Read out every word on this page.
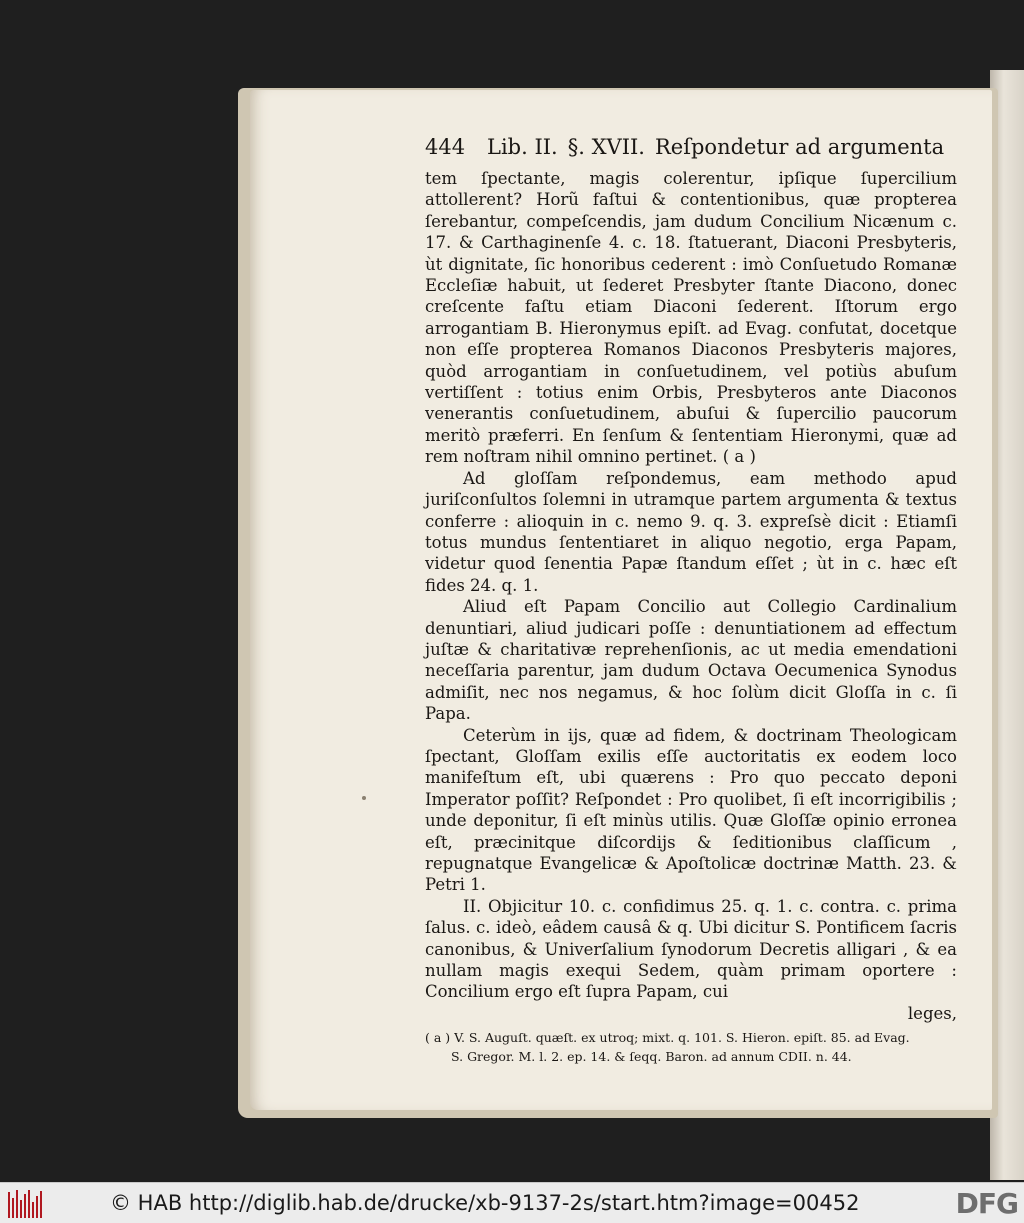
444	Lib. II. §. XVII. Reſpondetur ad argumenta

tem ſpectante, magis colerentur, ipſique ſupercilium attollerent? Horũ faſtui & contentionibus, quæ propterea ſerebantur, compeſcendis, jam dudum Concilium Nicænum c. 17. & Carthaginenſe 4. c. 18. ſtatuerant, Diaconi Presbyteris, ùt dignitate, ſic honoribus cederent : imò Conſuetudo Romanæ Eccleſiæ habuit, ut ſederet Presbyter ſtante Diacono, donec creſcente faſtu etiam Diaconi ſederent. Iſtorum ergo arrogantiam B. Hieronymus epiſt. ad Evag. confutat, docetque non eſſe propterea Romanos Diaconos Presbyteris majores, quòd arrogantiam in conſuetudinem, vel potiùs abuſum vertiſſent : totius enim Orbis, Presbyteros ante Diaconos venerantis conſuetudinem, abuſui & ſupercilio paucorum meritò præferri. En ſenſum & ſententiam Hieronymi, quæ ad rem noſtram nihil omnino pertinet. ( a )

Ad gloſſam reſpondemus, eam methodo apud juriſconſultos ſolemni in utramque partem argumenta & textus conferre : alioquin in c. nemo 9. q. 3. expreſsè dicit : Etiamſi totus mundus ſententiaret in aliquo negotio, erga Papam, videtur quod ſenentia Papæ ſtandum eſſet ; ùt in c. hæc eſt fides 24. q. 1.

Aliud eſt Papam Concilio aut Collegio Cardinalium denuntiari, aliud judicari poſſe : denuntiationem ad effectum juſtæ & charitativæ reprehenſionis, ac ut media emendationi neceſſaria parentur, jam dudum Octava Oecumenica Synodus admiſit, nec nos negamus, & hoc ſolùm dicit Gloſſa in c. ſi Papa.

Ceterùm in ijs, quæ ad fidem, & doctrinam Theologicam ſpectant, Gloſſam exilis eſſe auctoritatis ex eodem loco manifeſtum eſt, ubi quærens : Pro quo peccato deponi Imperator poſſit? Reſpondet : Pro quolibet, ſi eſt incorrigibilis ; unde deponitur, ſi eſt minùs utilis. Quæ Gloſſæ opinio erronea eſt, præcinitque diſcordijs & ſeditionibus claſſicum , repugnatque Evangelicæ & Apoſtolicæ doctrinæ Matth. 23. & Petri 1.

II. Objicitur 10. c. confidimus 25. q. 1. c. contra. c. prima ſalus. c. ideò, eâdem causâ & q. Ubi dicitur S. Pontificem ſacris canonibus, & Univerſalium ſynodorum Decretis alligari , & ea nullam magis exequi Sedem, quàm primam oportere : Concilium ergo eſt ſupra Papam, cui

leges,

( a ) V. S. Auguſt. quæſt. ex utroq; mixt. q. 101. S. Hieron. epiſt. 85. ad Evag.
S. Gregor. M. l. 2. ep. 14. & ſeqq. Baron. ad annum CDII. n. 44.
© HAB http://diglib.hab.de/drucke/xb-9137-2s/start.htm?image=00452	DFG
